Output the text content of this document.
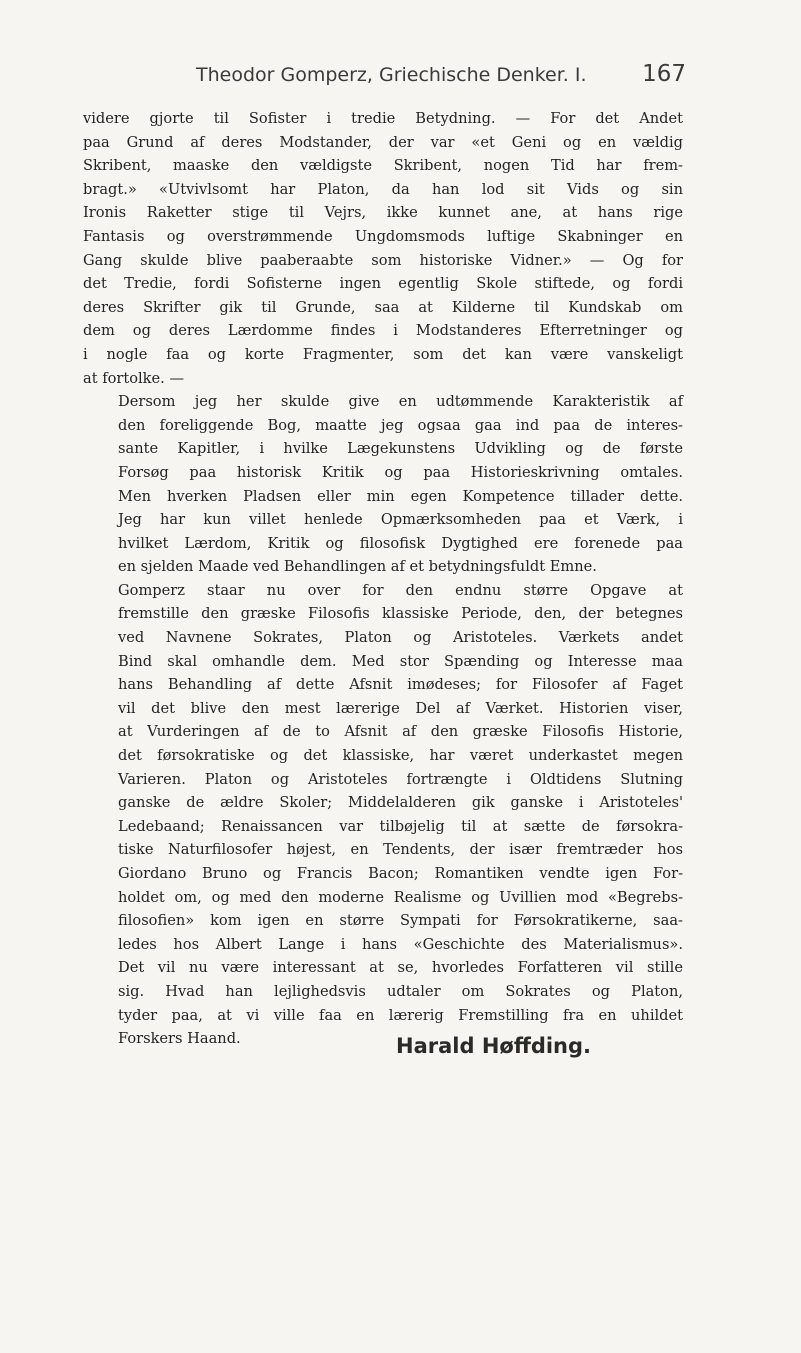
Theodor Gomperz, Griechische Denker. I. 167

videre gjorte til Sofister i tredie Betydning. — For det Andet
paa Grund af deres Modstander, der var «et Geni og en vældig
Skribent, maaske den vældigste Skribent, nogen Tid har frem-
bragt.» «Utvivlsomt har Platon, da han lod sit Vids og sin
Ironis Raketter stige til Vejrs, ikke kunnet ane, at hans rige
Fantasis og overstrømmende Ungdomsmods luftige Skabninger en
Gang skulde blive paaberaabte som historiske Vidner.» — Og for
det Tredie, fordi Sofisterne ingen egentlig Skole stiftede, og fordi
deres Skrifter gik til Grunde, saa at Kilderne til Kundskab om
dem og deres Lærdomme findes i Modstanderes Efterretninger og
i nogle faa og korte Fragmenter, som det kan være vanskeligt
at fortolke. —

Dersom jeg her skulde give en udtømmende Karakteristik af
den foreliggende Bog, maatte jeg ogsaa gaa ind paa de interes-
sante Kapitler, i hvilke Lægekunstens Udvikling og de første
Forsøg paa historisk Kritik og paa Historieskrivning omtales.
Men hverken Pladsen eller min egen Kompetence tillader dette.
Jeg har kun villet henlede Opmærksomheden paa et Værk, i
hvilket Lærdom, Kritik og filosofisk Dygtighed ere forenede paa
en sjelden Maade ved Behandlingen af et betydningsfuldt Emne.

Gomperz staar nu over for den endnu større Opgave at
fremstille den græske Filosofis klassiske Periode, den, der betegnes
ved Navnene Sokrates, Platon og Aristoteles. Værkets andet
Bind skal omhandle dem. Med stor Spænding og Interesse maa
hans Behandling af dette Afsnit imødeses; for Filosofer af Faget
vil det blive den mest lærerige Del af Værket. Historien viser,
at Vurderingen af de to Afsnit af den græske Filosofis Historie,
det førsokratiske og det klassiske, har været underkastet megen
Varieren. Platon og Aristoteles fortrængte i Oldtidens Slutning
ganske de ældre Skoler; Middelalderen gik ganske i Aristoteles'
Ledebaand; Renaissancen var tilbøjelig til at sætte de førsokra-
tiske Naturfilosofer højest, en Tendents, der især fremtræder hos
Giordano Bruno og Francis Bacon; Romantiken vendte igen For-
holdet om, og med den moderne Realisme og Uvillien mod «Begrebs-
filosofien» kom igen en større Sympati for Førsokratikerne, saa-
ledes hos Albert Lange i hans «Geschichte des Materialismus».
Det vil nu være interessant at se, hvorledes Forfatteren vil stille
sig. Hvad han lejlighedsvis udtaler om Sokrates og Platon,
tyder paa, at vi ville faa en lærerig Fremstilling fra en uhildet
Forskers Haand.	Harald Høffding.
